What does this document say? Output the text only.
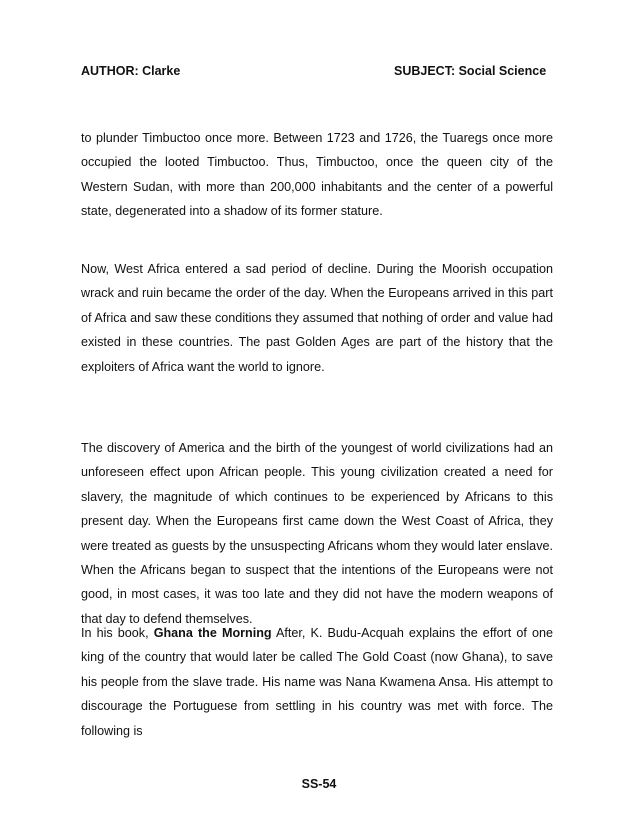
AUTHOR: Clarke	SUBJECT: Social Science
to plunder Timbuctoo once more. Between 1723 and 1726, the Tuaregs once more occupied the looted Timbuctoo. Thus, Timbuctoo, once the queen city of the Western Sudan, with more than 200,000 inhabitants and the center of a powerful state, degenerated into a shadow of its former stature.
Now, West Africa entered a sad period of decline. During the Moorish occupation wrack and ruin became the order of the day. When the Europeans arrived in this part of Africa and saw these conditions they assumed that nothing of order and value had existed in these countries. The past Golden Ages are part of the history that the exploiters of Africa want the world to ignore.
The discovery of America and the birth of the youngest of world civilizations had an unforeseen effect upon African people. This young civilization created a need for slavery, the magnitude of which continues to be experienced by Africans to this present day. When the Europeans first came down the West Coast of Africa, they were treated as guests by the unsuspecting Africans whom they would later enslave. When the Africans began to suspect that the intentions of the Europeans were not good, in most cases, it was too late and they did not have the modern weapons of that day to defend themselves.
In his book, Ghana the Morning After, K. Budu-Acquah explains the effort of one king of the country that would later be called The Gold Coast (now Ghana), to save his people from the slave trade. His name was Nana Kwamena Ansa. His attempt to discourage the Portuguese from settling in his country was met with force. The following is
SS-54
